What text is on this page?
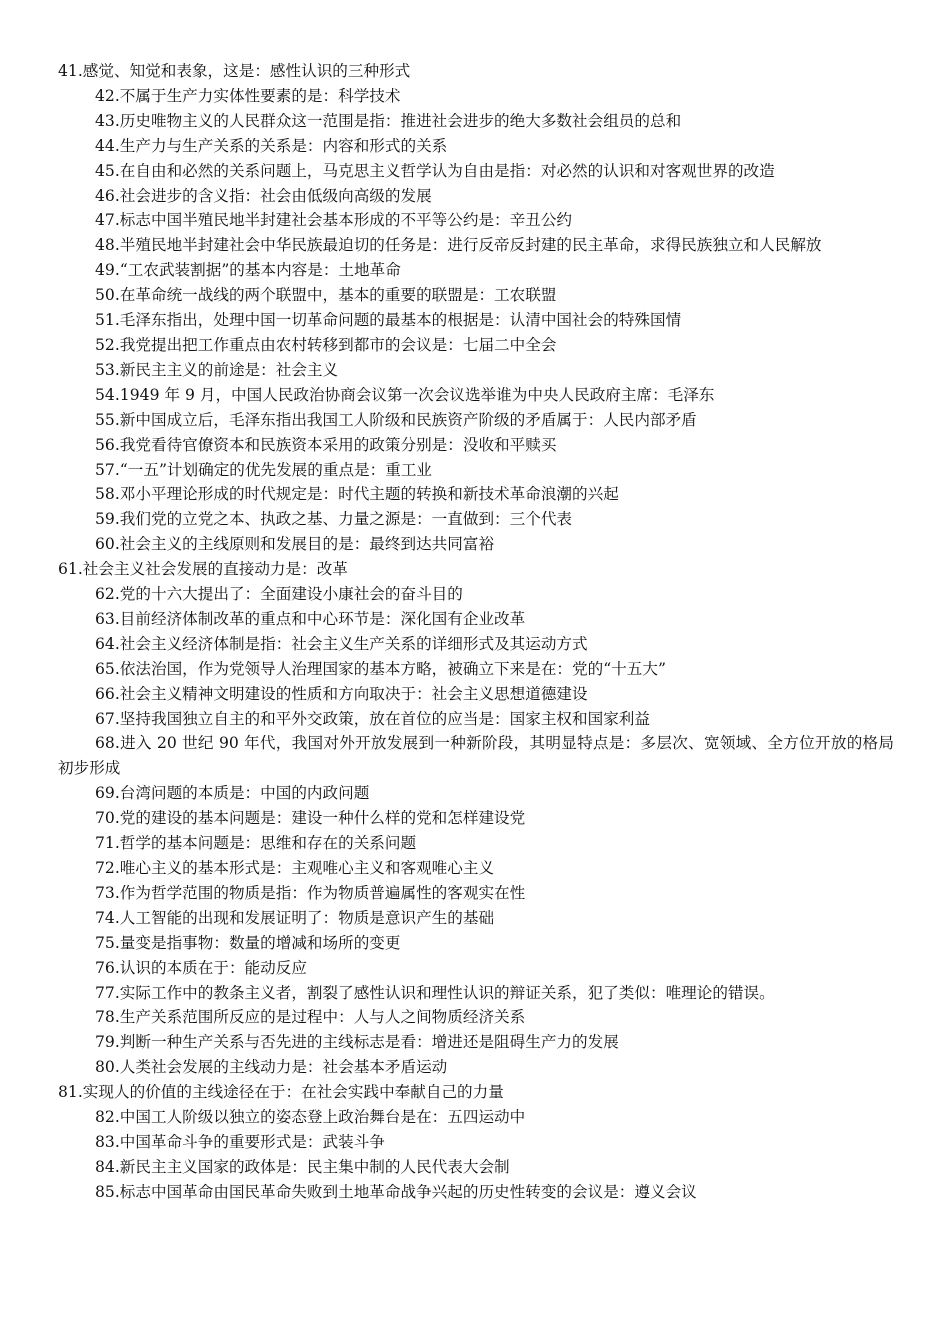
41.感觉、知觉和表象，这是：感性认识的三种形式

42.不属于生产力实体性要素的是：科学技术

43.历史唯物主义的人民群众这一范围是指：推进社会进步的绝大多数社会组员的总和

44.生产力与生产关系的关系是：内容和形式的关系

45.在自由和必然的关系问题上，马克思主义哲学认为自由是指：对必然的认识和对客观世界的改造

46.社会进步的含义指：社会由低级向高级的发展

47.标志中国半殖民地半封建社会基本形成的不平等公约是：辛丑公约

48.半殖民地半封建社会中华民族最迫切的任务是：进行反帝反封建的民主革命，求得民族独立和人民解放

49.“工农武装割据”的基本内容是：土地革命

50.在革命统一战线的两个联盟中，基本的重要的联盟是：工农联盟

51.毛泽东指出，处理中国一切革命问题的最基本的根据是：认清中国社会的特殊国情

52.我党提出把工作重点由农村转移到都市的会议是：七届二中全会

53.新民主主义的前途是：社会主义

54.1949 年 9 月，中国人民政治协商会议第一次会议选举谁为中央人民政府主席：毛泽东

55.新中国成立后，毛泽东指出我国工人阶级和民族资产阶级的矛盾属于：人民内部矛盾

56.我党看待官僚资本和民族资本采用的政策分别是：没收和平赎买

57.“一五”计划确定的优先发展的重点是：重工业

58.邓小平理论形成的时代规定是：时代主题的转换和新技术革命浪潮的兴起

59.我们党的立党之本、执政之基、力量之源是：一直做到：三个代表

60.社会主义的主线原则和发展目的是：最终到达共同富裕

61.社会主义社会发展的直接动力是：改革

62.党的十六大提出了：全面建设小康社会的奋斗目的

63.目前经济体制改革的重点和中心环节是：深化国有企业改革

64.社会主义经济体制是指：社会主义生产关系的详细形式及其运动方式

65.依法治国，作为党领导人治理国家的基本方略，被确立下来是在：党的“十五大”

66.社会主义精神文明建设的性质和方向取决于：社会主义思想道德建设

67.坚持我国独立自主的和平外交政策，放在首位的应当是：国家主权和国家利益

68.进入 20 世纪 90 年代，我国对外开放发展到一种新阶段，其明显特点是：多层次、宽领域、全方位开放的格局初步形成

69.台湾问题的本质是：中国的内政问题

70.党的建设的基本问题是：建设一种什么样的党和怎样建设党

71.哲学的基本问题是：思维和存在的关系问题

72.唯心主义的基本形式是：主观唯心主义和客观唯心主义

73.作为哲学范围的物质是指：作为物质普遍属性的客观实在性

74.人工智能的出现和发展证明了：物质是意识产生的基础

75.量变是指事物：数量的增减和场所的变更

76.认识的本质在于：能动反应

77.实际工作中的教条主义者，割裂了感性认识和理性认识的辩证关系，犯了类似：唯理论的错误。

78.生产关系范围所反应的是过程中：人与人之间物质经济关系

79.判断一种生产关系与否先进的主线标志是看：增进还是阻碍生产力的发展

80.人类社会发展的主线动力是：社会基本矛盾运动

81.实现人的价值的主线途径在于：在社会实践中奉献自己的力量

82.中国工人阶级以独立的姿态登上政治舞台是在：五四运动中

83.中国革命斗争的重要形式是：武装斗争

84.新民主主义国家的政体是：民主集中制的人民代表大会制

85.标志中国革命由国民革命失败到土地革命战争兴起的历史性转变的会议是：遵义会议
